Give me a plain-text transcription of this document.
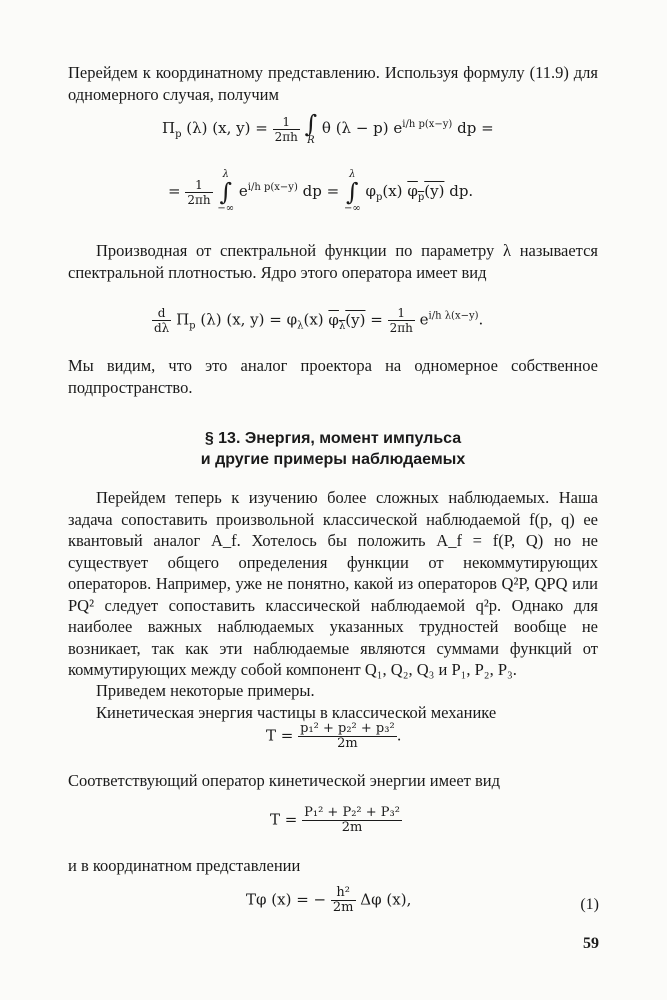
Перейдем к координатному представлению. Используя формулу (11.9) для одномерного случая, получим

$\Pi_p$ (λ) (x, $y) = \frac{1}{2\pi h}$
∫
R
θ (λ − p) $e^{i/h p(x-y)}$ dp =
= $\frac{1}{2\pi h}$

λ
∫
−∞
$e^{i/h p(x-y)}$ dp =
λ
∫
−∞
$\varphi_p(x)$ $\varphi_p(y)$ dp.

Производная от спектральной функции по параметру λ называется спектральной плотностью. Ядро этого оператора имеет вид

$\frac{d}{d\lambda} \Pi_p$ (λ) (x, $y) = \varphi_\lambda(x) \varphi_\lambda(y) = \frac{1}{2\pi h} e^{i/h \lambda(x-y)}$.

Мы видим, что это аналог проектора на одномерное собственное подпространство.

§ 13. Энергия, момент импульса
и другие примеры наблюдаемых

Перейдем теперь к изучению более сложных наблюдаемых. Наша задача сопоставить произвольной классической наблюдаемой f(p, q) ее квантовый аналог A_f. Хотелось бы положить A_f = f(P, Q) но не существует общего определения функции от некоммутирующих операторов. Например, уже не понятно, какой из операторов Q²P, QPQ или PQ² следует сопоставить классической наблюдаемой q²p. Однако для наиболее важных наблюдаемых указанных трудностей вообще не возникает, так как эти наблюдаемые являются суммами функций от коммутирующих между собой компонент Q₁, Q₂, Q₃ и P₁, P₂, P₃.

Приведем некоторые примеры.

Кинетическая энергия частицы в классической механике

$T = \frac{\text{p₁² + p₂² + p₃²}}{2m}$ .

Соответствующий оператор кинетической энергии имеет вид

$T = \frac{\text{P₁² + P₂² + P₃²}}{2m}$

и в координатном представлении

Tφ (x) = − $\frac{\text{h²}}{2m}$ Δφ (x),	(1)
59
